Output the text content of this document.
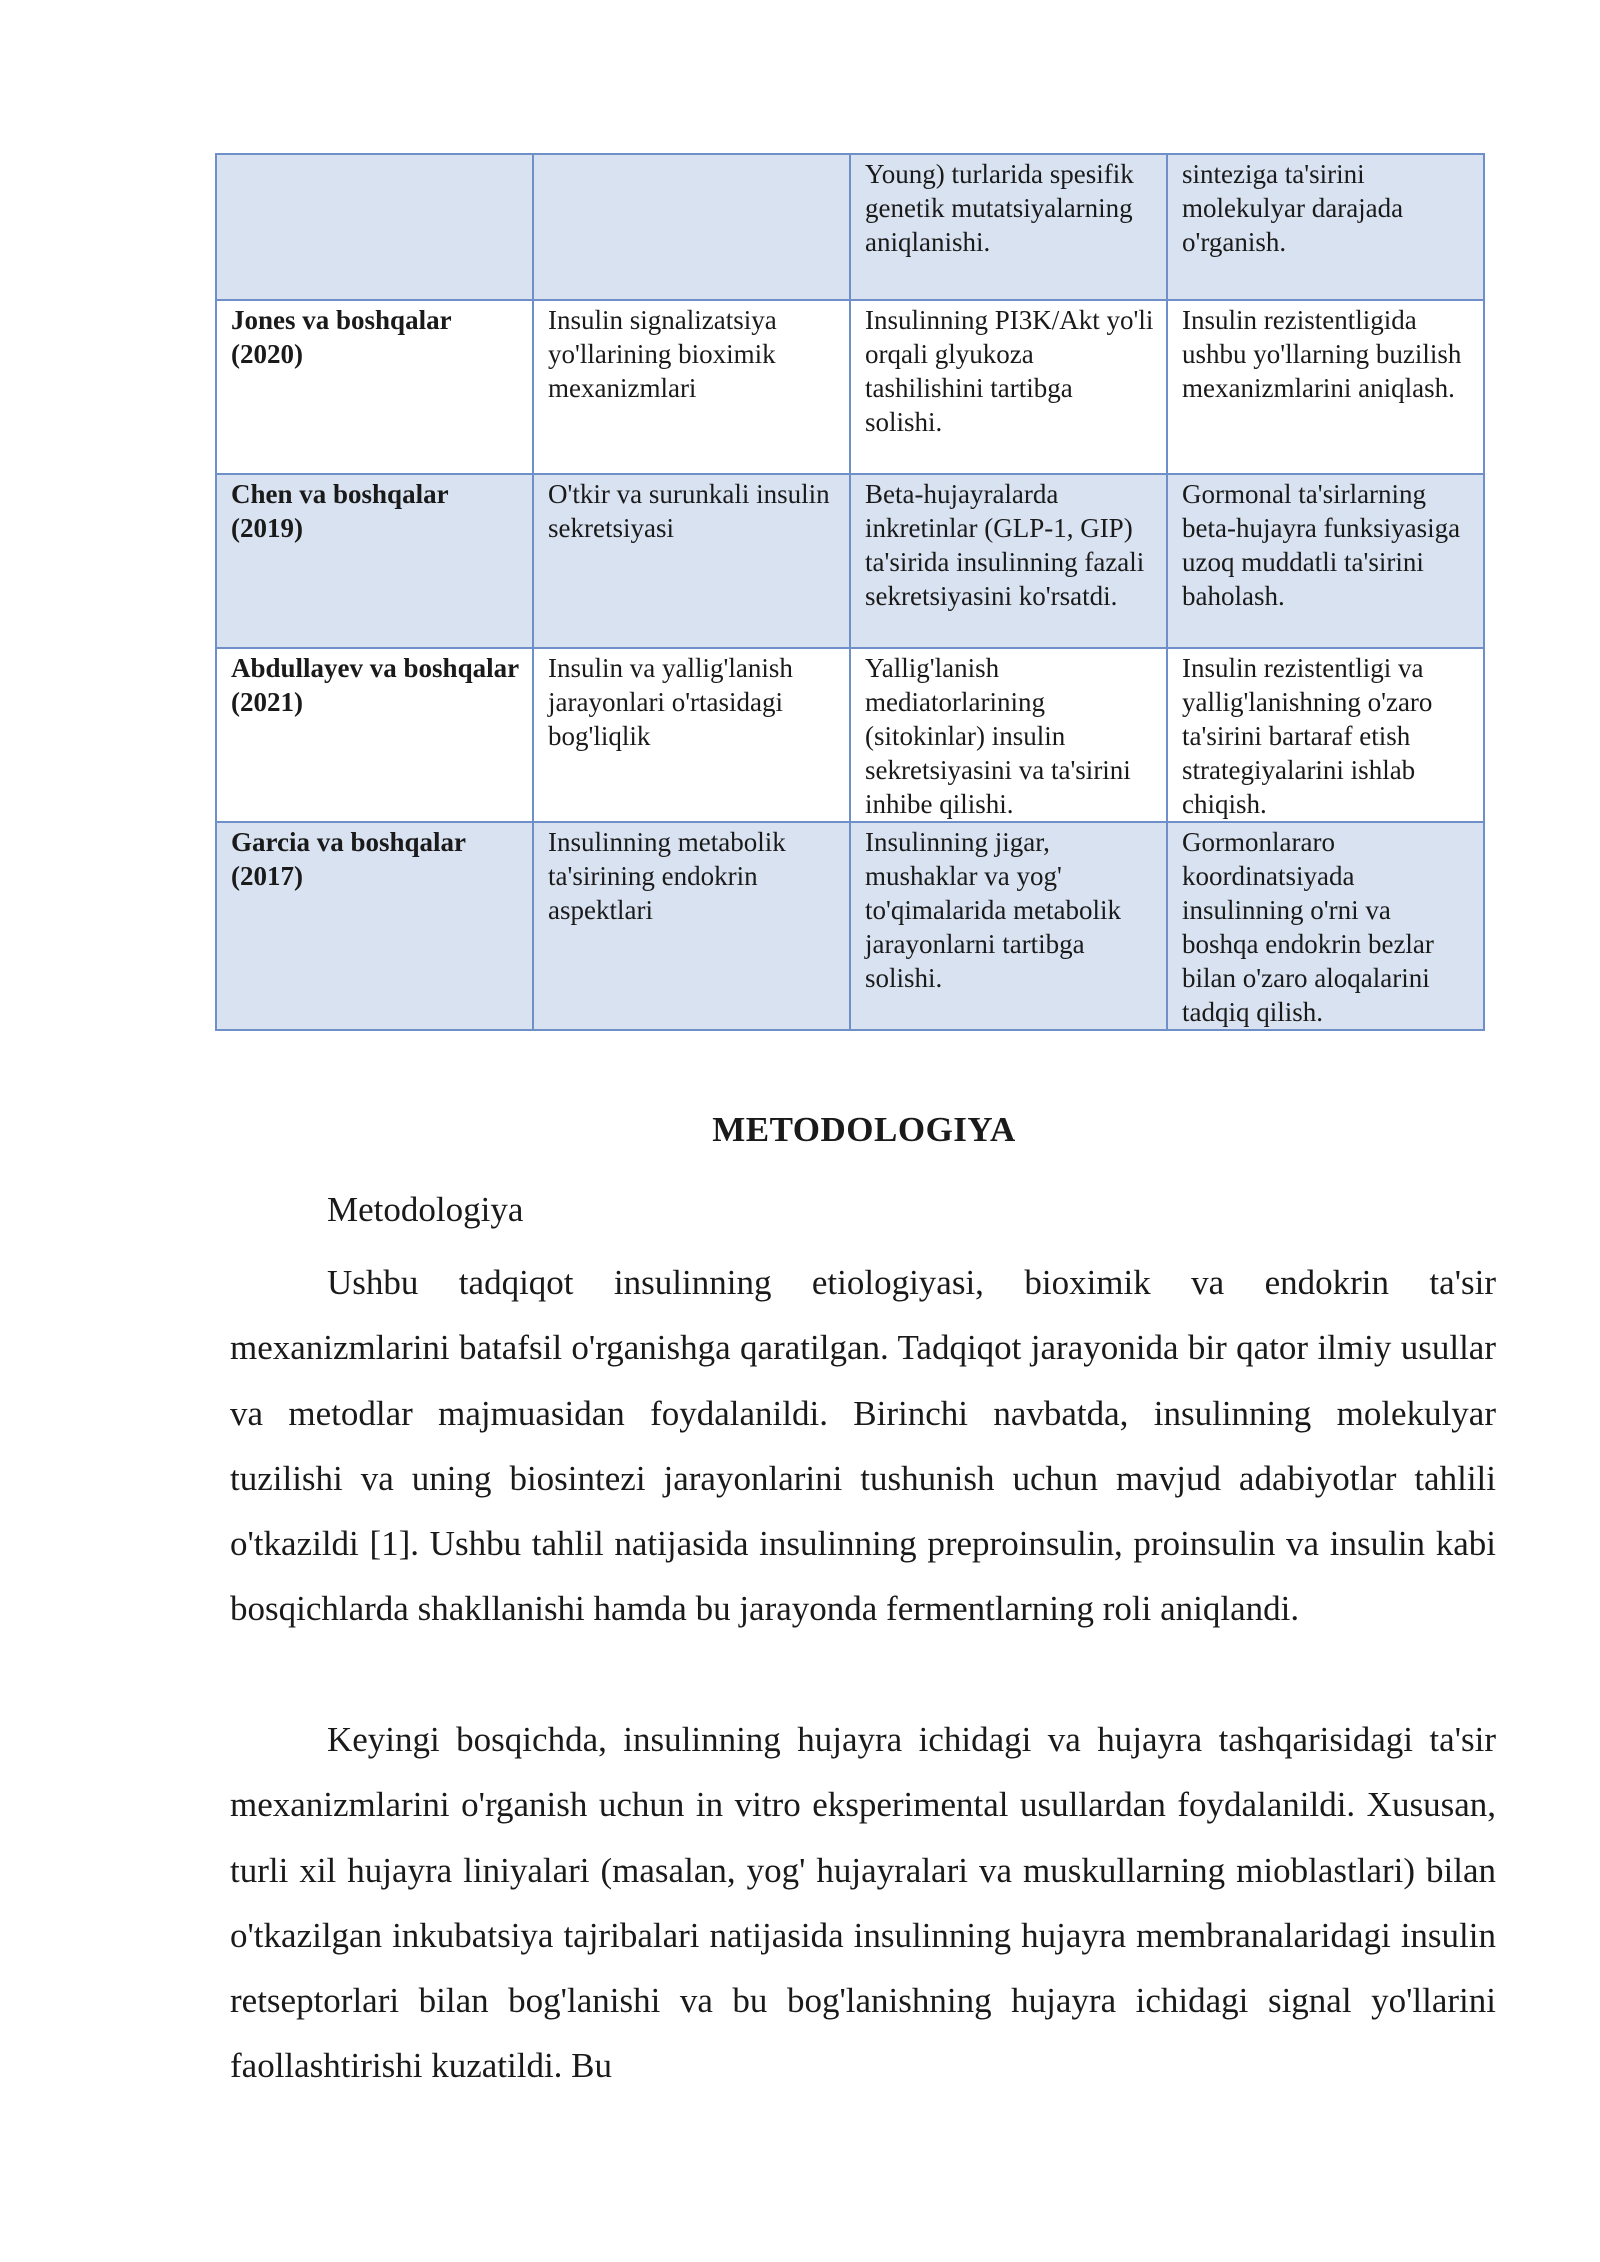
		Young) turlarida spesifik genetik mutatsiyalarning aniqlanishi.	sinteziga ta'sirini molekulyar darajada o'rganish.
Jones va boshqalar (2020)	Insulin signalizatsiya yo'llarining bioximik mexanizmlari	Insulinning PI3K/Akt yo'li orqali glyukoza tashilishini tartibga solishi.	Insulin rezistentligida ushbu yo'llarning buzilish mexanizmlarini aniqlash.
Chen va boshqalar (2019)	O'tkir va surunkali insulin sekretsiyasi	Beta-hujayralarda inkretinlar (GLP-1, GIP) ta'sirida insulinning fazali sekretsiyasini ko'rsatdi.	Gormonal ta'sirlarning beta-hujayra funksiyasiga uzoq muddatli ta'sirini baholash.
Abdullayev va boshqalar (2021)	Insulin va yallig'lanish jarayonlari o'rtasidagi bog'liqlik	Yallig'lanish mediatorlarining (sitokinlar) insulin sekretsiyasini va ta'sirini inhibe qilishi.	Insulin rezistentligi va yallig'lanishning o'zaro ta'sirini bartaraf etish strategiyalarini ishlab chiqish.
Garcia va boshqalar (2017)	Insulinning metabolik ta'sirining endokrin aspektlari	Insulinning jigar, mushaklar va yog' to'qimalarida metabolik jarayonlarni tartibga solishi.	Gormonlararo koordinatsiyada insulinning o'rni va boshqa endokrin bezlar bilan o'zaro aloqalarini tadqiq qilish.
METODOLOGIYA
Metodologiya

Ushbu tadqiqot insulinning etiologiyasi, bioximik va endokrin ta'sir mexanizmlarini batafsil o'rganishga qaratilgan. Tadqiqot jarayonida bir qator ilmiy usullar va metodlar majmuasidan foydalanildi. Birinchi navbatda, insulinning molekulyar tuzilishi va uning biosintezi jarayonlarini tushunish uchun mavjud adabiyotlar tahlili o'tkazildi [1]. Ushbu tahlil natijasida insulinning preproinsulin, proinsulin va insulin kabi bosqichlarda shakllanishi hamda bu jarayonda fermentlarning roli aniqlandi.

Keyingi bosqichda, insulinning hujayra ichidagi va hujayra tashqarisidagi ta'sir mexanizmlarini o'rganish uchun in vitro eksperimental usullardan foydalanildi. Xususan, turli xil hujayra liniyalari (masalan, yog' hujayralari va muskullarning mioblastlari) bilan o'tkazilgan inkubatsiya tajribalari natijasida insulinning hujayra membranalaridagi insulin retseptorlari bilan bog'lanishi va bu bog'lanishning hujayra ichidagi signal yo'llarini faollashtirishi kuzatildi. Bu
